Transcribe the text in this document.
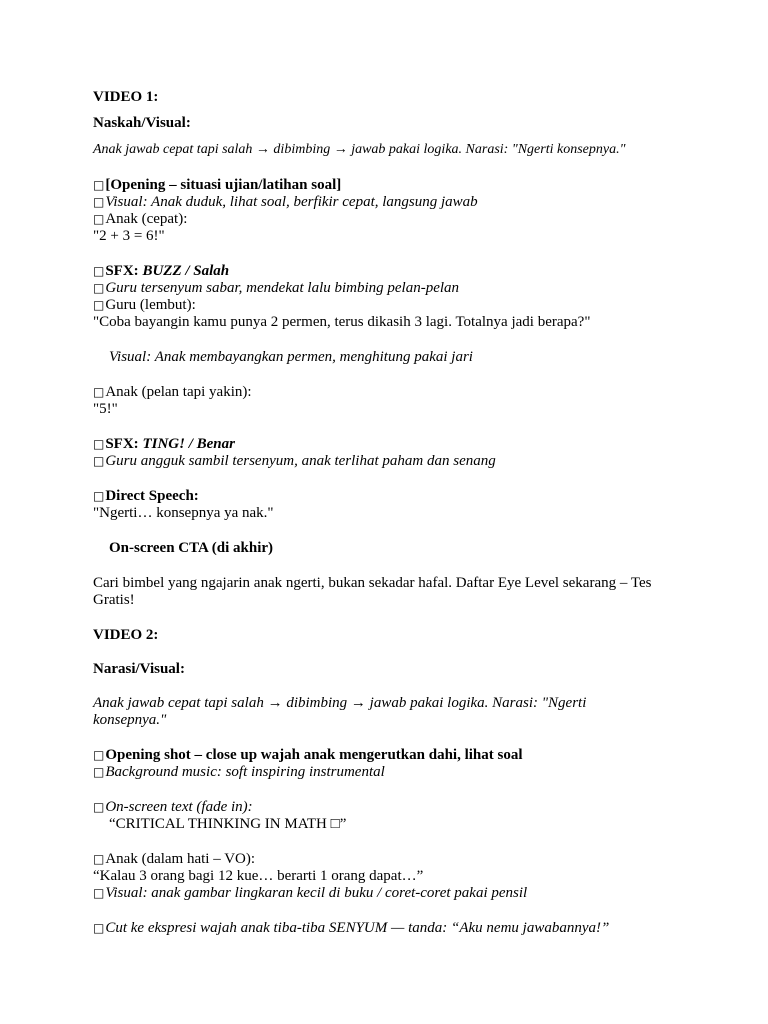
VIDEO 1:
Naskah/Visual:
Anak jawab cepat tapi salah → dibimbing → jawab pakai logika. Narasi: "Ngerti konsepnya."
□[Opening – situasi ujian/latihan soal]
□Visual: Anak duduk, lihat soal, berfikir cepat, langsung jawab
□Anak (cepat):
"2 + 3 = 6!"
□SFX: BUZZ / Salah
□Guru tersenyum sabar, mendekat lalu bimbing pelan-pelan
□Guru (lembut):
"Coba bayangin kamu punya 2 permen, terus dikasih 3 lagi. Totalnya jadi berapa?"
Visual: Anak membayangkan permen, menghitung pakai jari
□Anak (pelan tapi yakin):
"5!"
□SFX: TING! / Benar
□Guru angguk sambil tersenyum, anak terlihat paham dan senang
□Direct Speech:
"Ngerti… konsepnya ya nak."
On-screen CTA (di akhir)
Cari bimbel yang ngajarin anak ngerti, bukan sekadar hafal. Daftar Eye Level sekarang – Tes Gratis!
VIDEO 2:
Narasi/Visual:
Anak jawab cepat tapi salah → dibimbing → jawab pakai logika. Narasi: "Ngerti konsepnya."
□Opening shot – close up wajah anak mengerutkan dahi, lihat soal
□Background music: soft inspiring instrumental
□On-screen text (fade in):
“CRITICAL THINKING IN MATH □”
□Anak (dalam hati – VO):
“Kalau 3 orang bagi 12 kue… berarti 1 orang dapat…”
□Visual: anak gambar lingkaran kecil di buku / coret-coret pakai pensil
□Cut ke ekspresi wajah anak tiba-tiba SENYUM — tanda: “Aku nemu jawabannya!”
